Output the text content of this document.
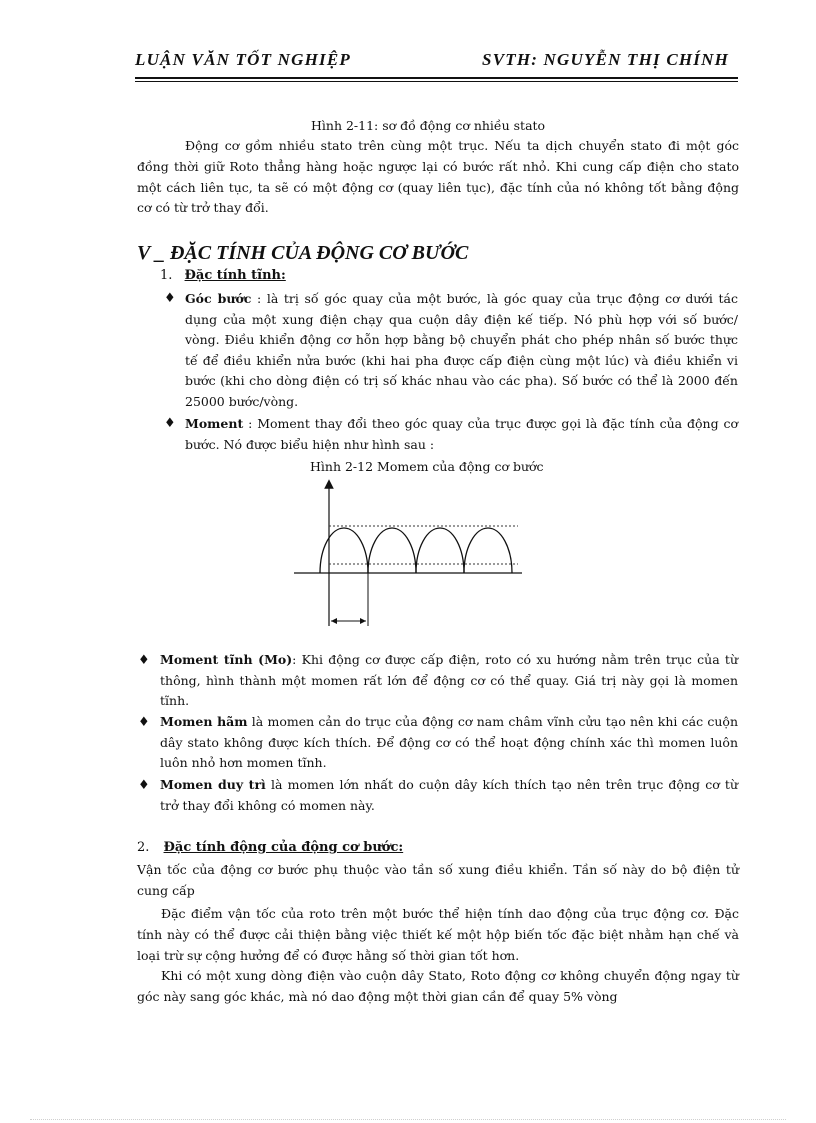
LUẬN VĂN TỐT NGHIỆP	SVTH: NGUYỄN THỊ CHÍNH
Hình 2-11: sơ đồ động cơ nhiều stato
Động cơ gồm nhiều stato trên cùng một trục. Nếu ta dịch chuyển stato đi một góc đồng thời giữ Roto thẳng hàng hoặc ngược lại có bước rất nhỏ. Khi cung cấp điện cho stato một cách liên tục, ta sẽ có một động cơ (quay liên tục), đặc tính của nó không tốt bằng động cơ có từ trở thay đổi.
V _ ĐẶC TÍNH CỦA ĐỘNG CƠ BƯỚC
1. Đặc tính tĩnh:
♦ Góc bước : là trị số góc quay của một bước, là góc quay của trục động cơ dưới tác dụng của một xung điện chạy qua cuộn dây điện kế tiếp. Nó phù hợp với số bước/ vòng. Điều khiển động cơ hỗn hợp bằng bộ chuyển phát cho phép nhân số bước thực tế để điều khiển nửa bước (khi hai pha được cấp điện cùng một lúc) và điều khiển vi bước (khi cho dòng điện có trị số khác nhau vào các pha). Số bước có thể là 2000 đến 25000 bước/vòng.
♦ Moment : Moment thay đổi theo góc quay của trục được gọi là đặc tính của động cơ bước. Nó được biểu hiện như hình sau :
Hình 2-12 Momem của động cơ bước
♦ Moment tĩnh (Mo): Khi động cơ được cấp điện, roto có xu hướng nằm trên trục của từ thông, hình thành một momen rất lớn để động cơ có thể quay. Giá trị này gọi là momen tĩnh.
♦ Momen hãm là momen cản do trục của động cơ nam châm vĩnh cửu tạo nên khi các cuộn dây stato không được kích thích. Để động cơ có thể hoạt động chính xác thì momen luôn luôn nhỏ hơn momen tĩnh.
♦ Momen duy trì là momen lớn nhất do cuộn dây kích thích tạo nên trên trục động cơ từ trở thay đổi không có momen này.
2. Đặc tính động của động cơ bước:
Vận tốc của động cơ bước phụ thuộc vào tần số xung điều khiển. Tần số này do bộ điện tử cung cấp
Đặc điểm vận tốc của roto trên một bước thể hiện tính dao động của trục động cơ. Đặc tính này có thể được cải thiện bằng việc thiết kế một hộp biến tốc đặc biệt nhằm hạn chế và loại trừ sự cộng hưởng để có được hằng số thời gian tốt hơn.
Khi có một xung dòng điện vào cuộn dây Stato, Roto động cơ không chuyển động ngay từ góc này sang góc khác, mà nó dao động một thời gian cần để quay 5% vòng
